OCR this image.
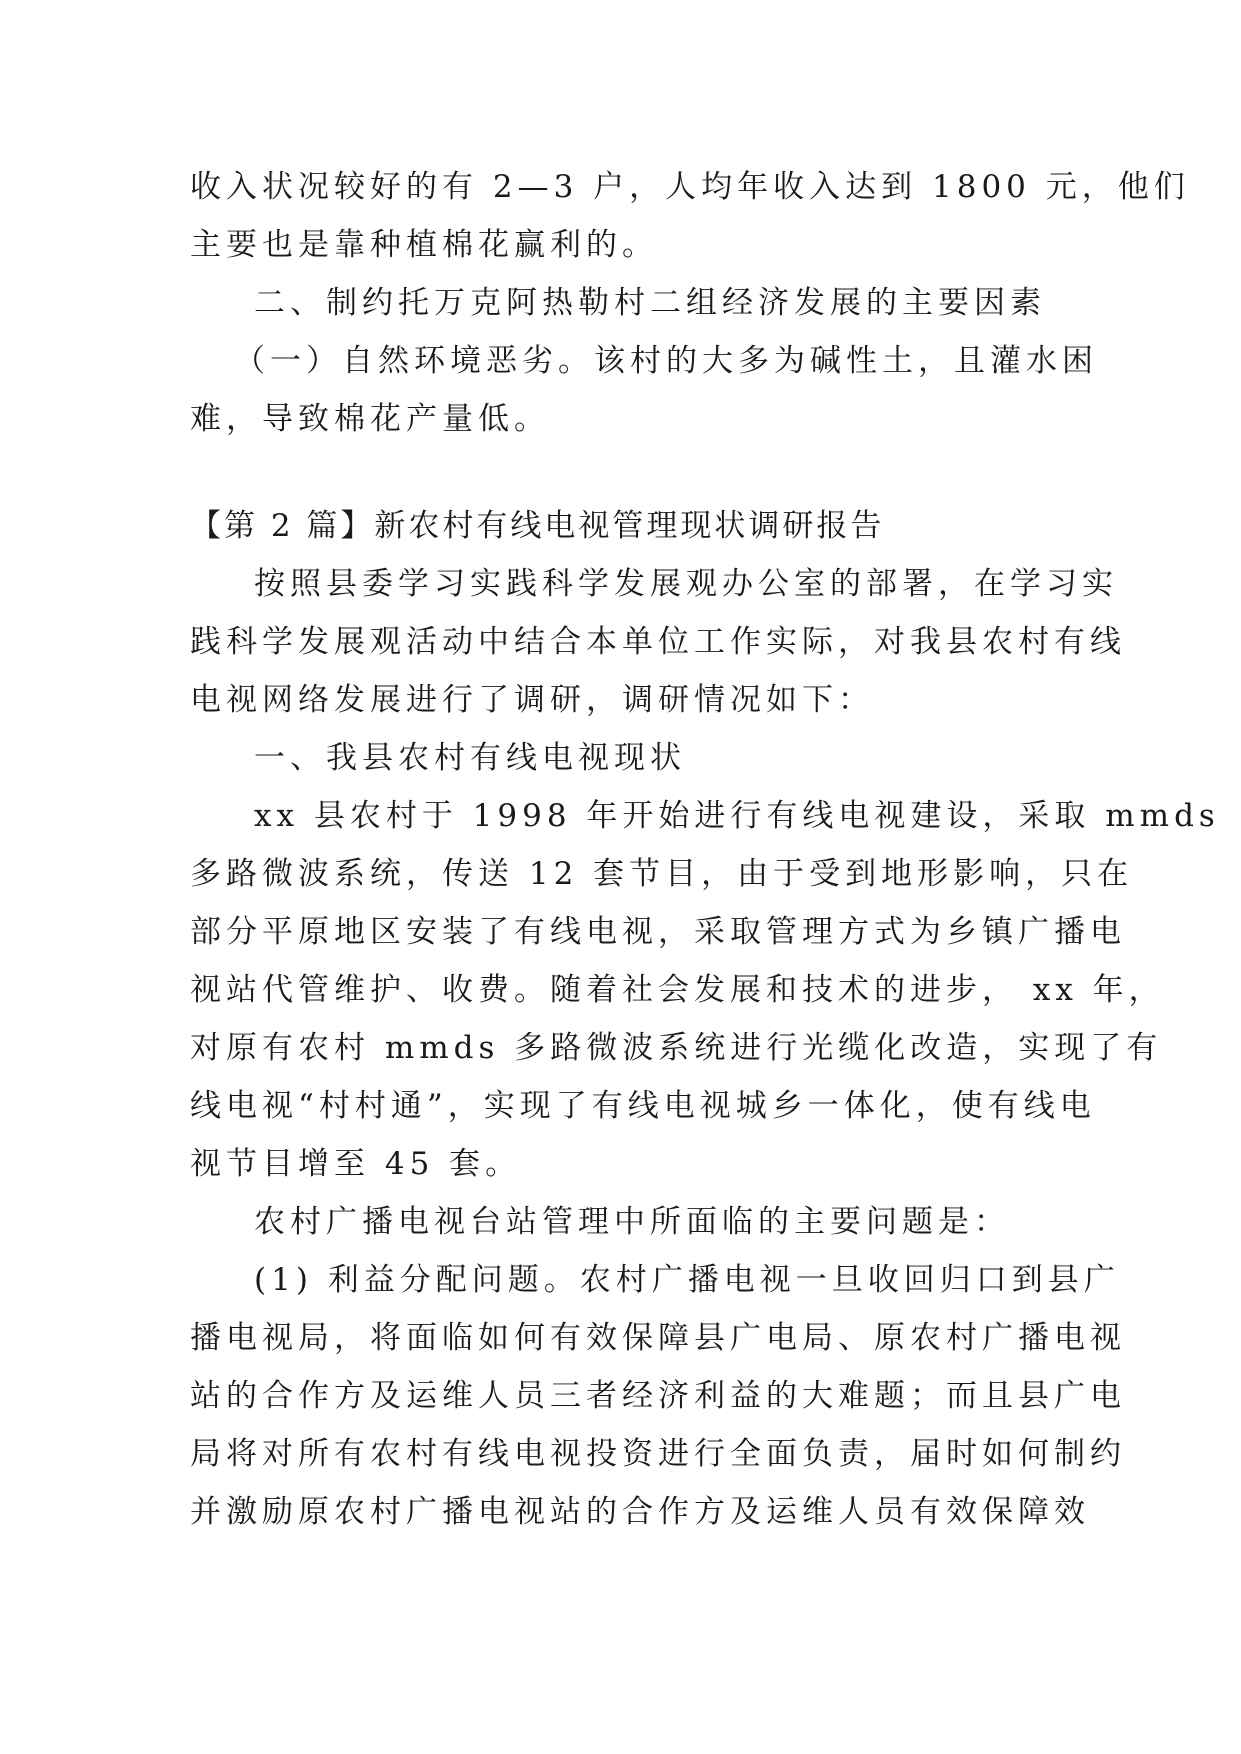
收入状况较好的有 2—3 户，人均年收入达到 1800 元，他们
主要也是靠种植棉花赢利的。
二、制约托万克阿热勒村二组经济发展的主要因素
（一）自然环境恶劣。该村的大多为碱性土，且灌水困
难，导致棉花产量低。
【第 2 篇】新农村有线电视管理现状调研报告
按照县委学习实践科学发展观办公室的部署，在学习实
践科学发展观活动中结合本单位工作实际，对我县农村有线
电视网络发展进行了调研，调研情况如下：
一、我县农村有线电视现状
xx 县农村于 1998 年开始进行有线电视建设，采取 mmds
多路微波系统，传送 12 套节目，由于受到地形影响，只在
部分平原地区安装了有线电视，采取管理方式为乡镇广播电
视站代管维护、收费。随着社会发展和技术的进步， xx 年，
对原有农村 mmds 多路微波系统进行光缆化改造，实现了有
线电视“村村通”，实现了有线电视城乡一体化，使有线电
视节目增至 45 套。
农村广播电视台站管理中所面临的主要问题是：
(1) 利益分配问题。农村广播电视一旦收回归口到县广
播电视局，将面临如何有效保障县广电局、原农村广播电视
站的合作方及运维人员三者经济利益的大难题；而且县广电
局将对所有农村有线电视投资进行全面负责，届时如何制约
并激励原农村广播电视站的合作方及运维人员有效保障效
